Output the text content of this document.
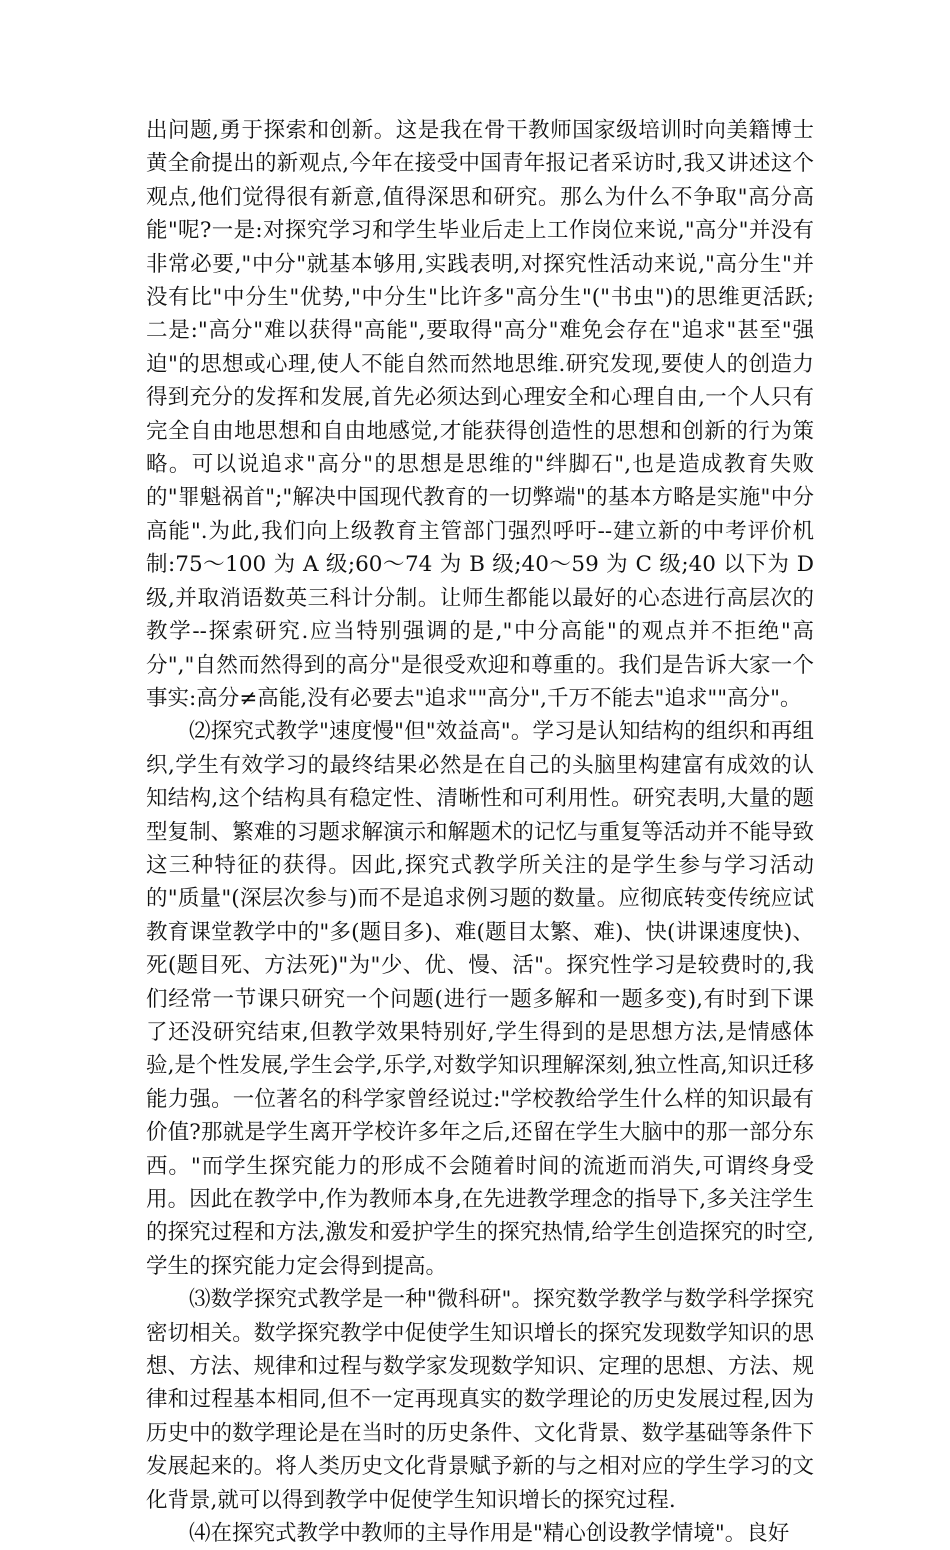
出问题,勇于探索和创新。这是我在骨干教师国家级培训时向美籍博士黄全俞提出的新观点,今年在接受中国青年报记者采访时,我又讲述这个观点,他们觉得很有新意,值得深思和研究。那么为什么不争取"高分高能"呢?一是:对探究学习和学生毕业后走上工作岗位来说,"高分"并没有非常必要,"中分"就基本够用,实践表明,对探究性活动来说,"高分生"并没有比"中分生"优势,"中分生"比许多"高分生"("书虫")的思维更活跃;二是:"高分"难以获得"高能",要取得"高分"难免会存在"追求"甚至"强迫"的思想或心理,使人不能自然而然地思维.研究发现,要使人的创造力得到充分的发挥和发展,首先必须达到心理安全和心理自由,一个人只有完全自由地思想和自由地感觉,才能获得创造性的思想和创新的行为策略。可以说追求"高分"的思想是思维的"绊脚石",也是造成教育失败的"罪魁祸首";"解决中国现代教育的一切弊端"的基本方略是实施"中分高能".为此,我们向上级教育主管部门强烈呼吁--建立新的中考评价机制:75～100 为 A 级;60～74 为 B 级;40～59 为 C 级;40 以下为 D 级,并取消语数英三科计分制。让师生都能以最好的心态进行高层次的教学--探索研究.应当特别强调的是,"中分高能"的观点并不拒绝"高分","自然而然得到的高分"是很受欢迎和尊重的。我们是告诉大家一个事实:高分≠高能,没有必要去"追求""高分",千万不能去"追求""高分"。

⑵探究式教学"速度慢"但"效益高"。学习是认知结构的组织和再组织,学生有效学习的最终结果必然是在自己的头脑里构建富有成效的认知结构,这个结构具有稳定性、清晰性和可利用性。研究表明,大量的题型复制、繁难的习题求解演示和解题术的记忆与重复等活动并不能导致这三种特征的获得。因此,探究式教学所关注的是学生参与学习活动的"质量"(深层次参与)而不是追求例习题的数量。应彻底转变传统应试教育课堂教学中的"多(题目多)、难(题目太繁、难)、快(讲课速度快)、死(题目死、方法死)"为"少、优、慢、活"。探究性学习是较费时的,我们经常一节课只研究一个问题(进行一题多解和一题多变),有时到下课了还没研究结束,但教学效果特别好,学生得到的是思想方法,是情感体验,是个性发展,学生会学,乐学,对数学知识理解深刻,独立性高,知识迁移能力强。一位著名的科学家曾经说过:"学校教给学生什么样的知识最有价值?那就是学生离开学校许多年之后,还留在学生大脑中的那一部分东西。"而学生探究能力的形成不会随着时间的流逝而消失,可谓终身受用。因此在教学中,作为教师本身,在先进教学理念的指导下,多关注学生的探究过程和方法,激发和爱护学生的探究热情,给学生创造探究的时空,学生的探究能力定会得到提高。

⑶数学探究式教学是一种"微科研"。探究数学教学与数学科学探究密切相关。数学探究教学中促使学生知识增长的探究发现数学知识的思想、方法、规律和过程与数学家发现数学知识、定理的思想、方法、规律和过程基本相同,但不一定再现真实的数学理论的历史发展过程,因为历史中的数学理论是在当时的历史条件、文化背景、数学基础等条件下发展起来的。将人类历史文化背景赋予新的与之相对应的学生学习的文化背景,就可以得到教学中促使学生知识增长的探究过程.

⑷在探究式教学中教师的主导作用是"精心创设教学情境"。良好
